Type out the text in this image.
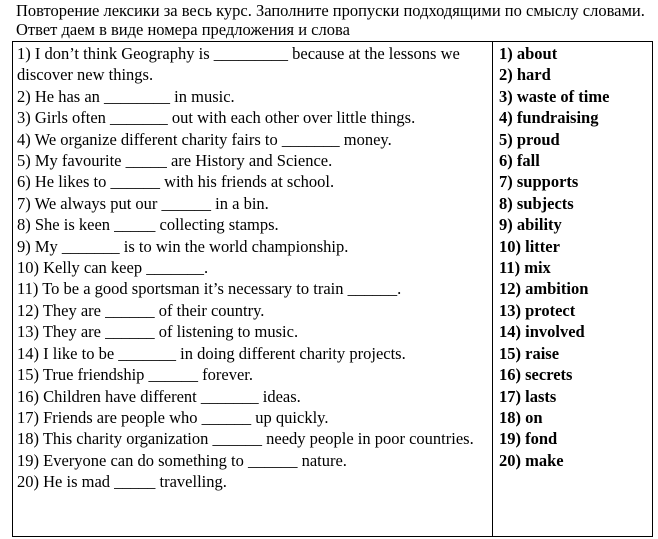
Повторение лексики за весь курс. Заполните пропуски подходящими по смыслу словами. Ответ даем в виде номера предложения и слова
1) I don’t think Geography is _________ because at the lessons we discover new things.
2) He has an ________ in music.
3) Girls often _______ out with each other over little things.
4) We organize different charity fairs to _______ money.
5) My favourite _____ are History and Science.
6) He likes to ______ with his friends at school.
7) We always put our ______ in a bin.
8) She is keen _____ collecting stamps.
9) My _______ is to win the world championship.
10) Kelly can keep _______.
11) To be a good sportsman it’s necessary to train ______.
12) They are ______ of their country.
13) They are ______ of listening to music.
14) I like to be _______ in doing different charity projects.
15) True friendship ______ forever.
16) Children have different _______ ideas.
17) Friends are people who ______ up quickly.
18) This charity organization ______ needy people in poor countries.
19) Everyone can do something to ______ nature.
20) He is mad _____ travelling.
1) about
2) hard
3) waste of time
4) fundraising
5) proud
6) fall
7) supports
8) subjects
9) ability
10) litter
11) mix
12) ambition
13) protect
14) involved
15) raise
16) secrets
17) lasts
18) on
19) fond
20) make
